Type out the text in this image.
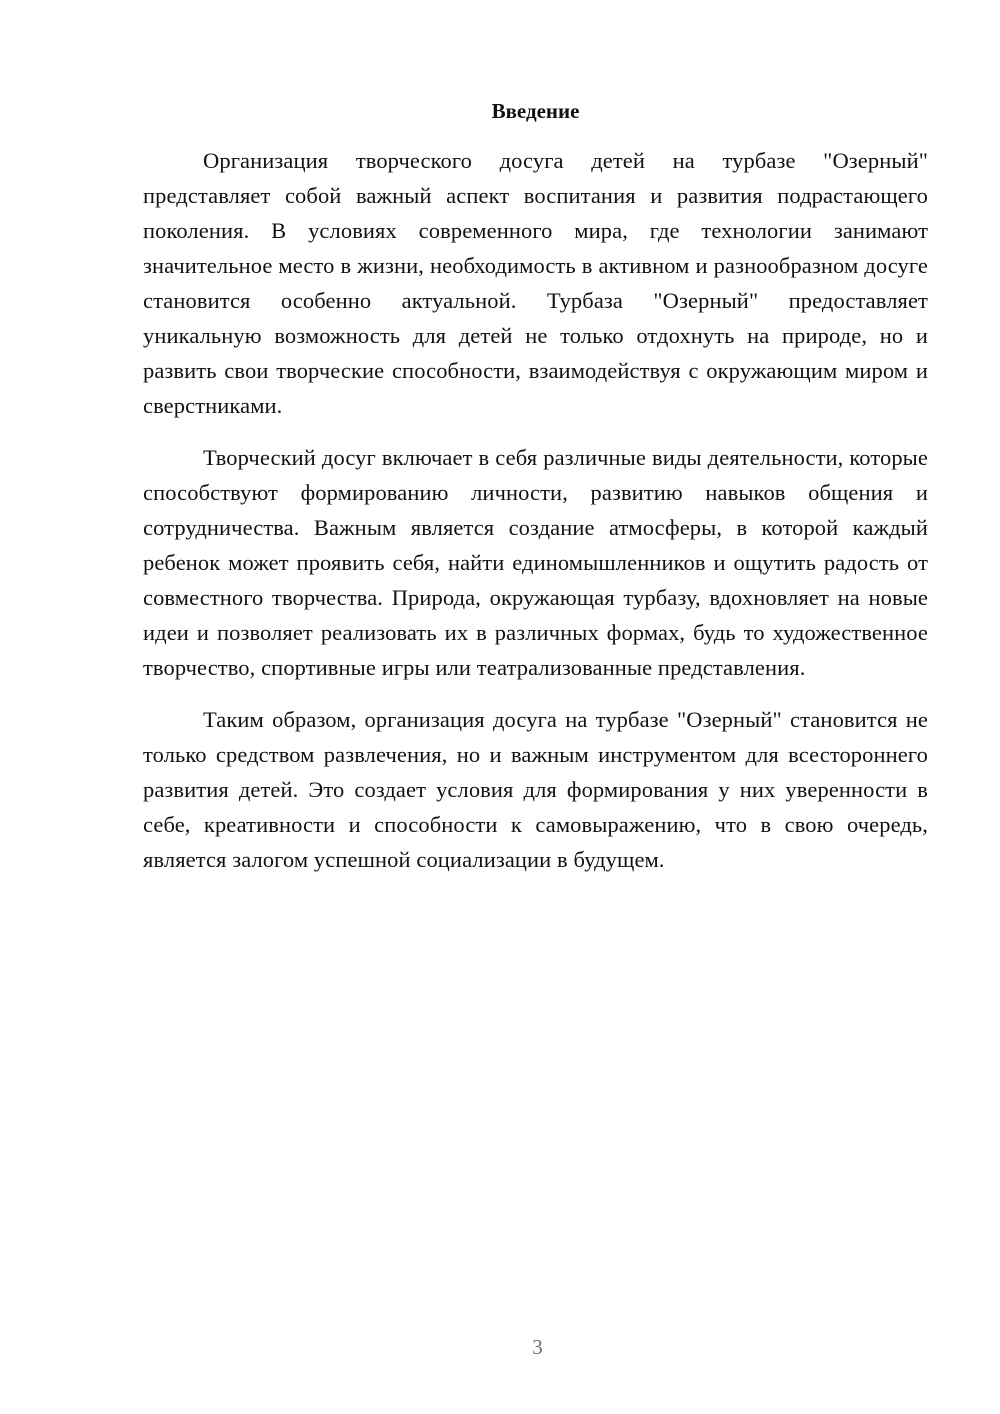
Введение

Организация творческого досуга детей на турбазе "Озерный" представляет собой важный аспект воспитания и развития подрастающего поколения. В условиях современного мира, где технологии занимают значительное место в жизни, необходимость в активном и разнообразном досуге становится особенно актуальной. Турбаза "Озерный" предоставляет уникальную возможность для детей не только отдохнуть на природе, но и развить свои творческие способности, взаимодействуя с окружающим миром и сверстниками.

Творческий досуг включает в себя различные виды деятельности, которые способствуют формированию личности, развитию навыков общения и сотрудничества. Важным является создание атмосферы, в которой каждый ребенок может проявить себя, найти единомышленников и ощутить радость от совместного творчества. Природа, окружающая турбазу, вдохновляет на новые идеи и позволяет реализовать их в различных формах, будь то художественное творчество, спортивные игры или театрализованные представления.

Таким образом, организация досуга на турбазе "Озерный" становится не только средством развлечения, но и важным инструментом для всестороннего развития детей. Это создает условия для формирования у них уверенности в себе, креативности и способности к самовыражению, что в свою очередь, является залогом успешной социализации в будущем.

3
